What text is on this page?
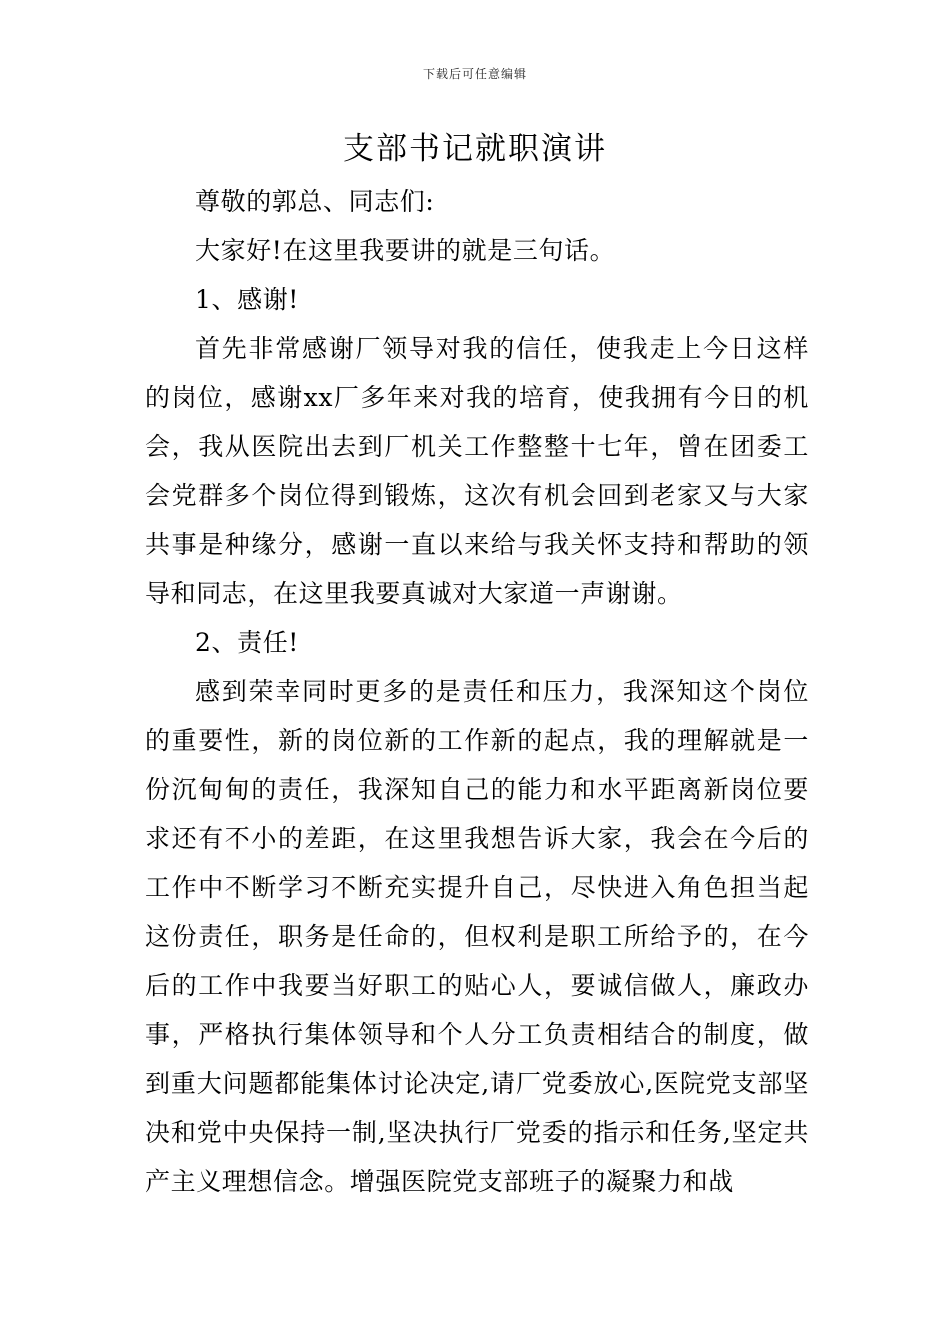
下载后可任意编辑
支部书记就职演讲

尊敬的郭总、同志们:

大家好!在这里我要讲的就是三句话。

1、感谢!

首先非常感谢厂领导对我的信任，使我走上今日这样的岗位，感谢xx厂多年来对我的培育，使我拥有今日的机会，我从医院出去到厂机关工作整整十七年，曾在团委工会党群多个岗位得到锻炼，这次有机会回到老家又与大家共事是种缘分，感谢一直以来给与我关怀支持和帮助的领导和同志，在这里我要真诚对大家道一声谢谢。

2、责任!

感到荣幸同时更多的是责任和压力，我深知这个岗位的重要性，新的岗位新的工作新的起点，我的理解就是一份沉甸甸的责任，我深知自己的能力和水平距离新岗位要求还有不小的差距，在这里我想告诉大家，我会在今后的工作中不断学习不断充实提升自己，尽快进入角色担当起这份责任，职务是任命的，但权利是职工所给予的，在今后的工作中我要当好职工的贴心人，要诚信做人，廉政办事，严格执行集体领导和个人分工负责相结合的制度，做到重大问题都能集体讨论决定,请厂党委放心,医院党支部坚决和党中央保持一制,坚决执行厂党委的指示和任务,坚定共产主义理想信念。增强医院党支部班子的凝聚力和战
